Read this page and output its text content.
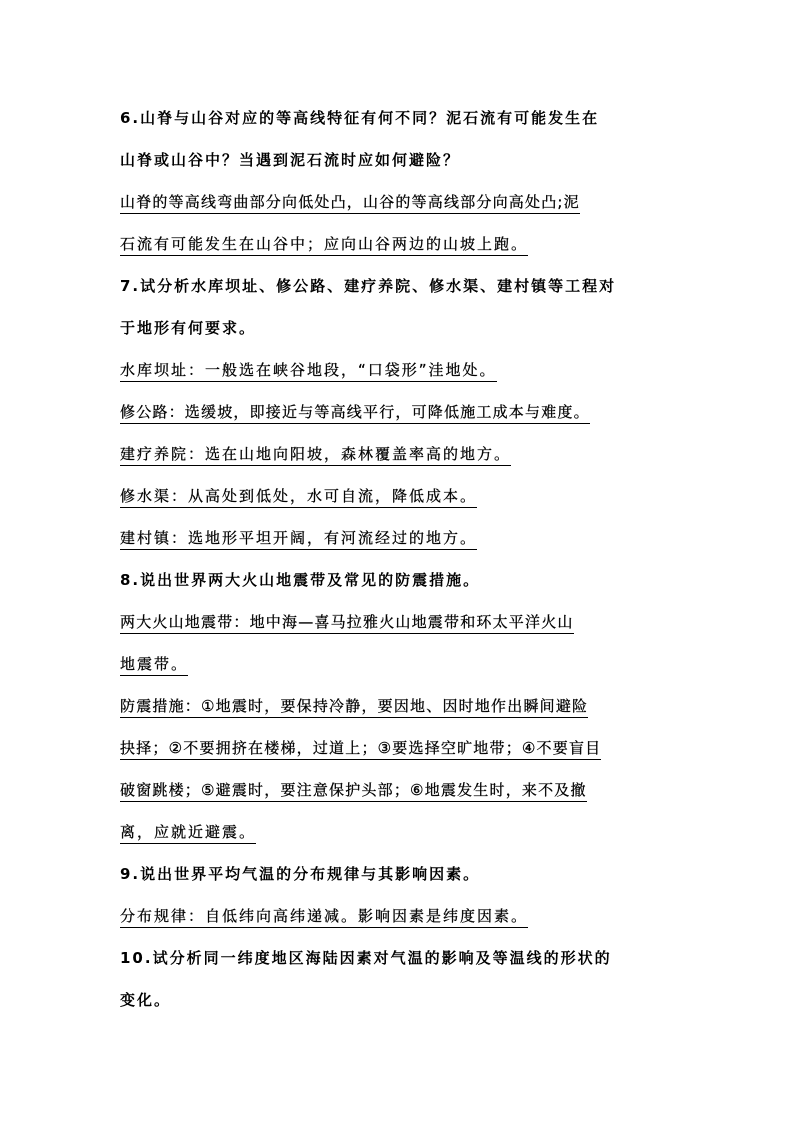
6.山脊与山谷对应的等高线特征有何不同？泥石流有可能发生在
山脊或山谷中？当遇到泥石流时应如何避险？
山脊的等高线弯曲部分向低处凸，山谷的等高线部分向高处凸;泥
石流有可能发生在山谷中；应向山谷两边的山坡上跑。
7.试分析水库坝址、修公路、建疗养院、修水渠、建村镇等工程对
于地形有何要求。
水库坝址：一般选在峡谷地段，“口袋形”洼地处。
修公路：选缓坡，即接近与等高线平行，可降低施工成本与难度。
建疗养院：选在山地向阳坡，森林覆盖率高的地方。
修水渠：从高处到低处，水可自流，降低成本。
建村镇：选地形平坦开阔，有河流经过的地方。
8.说出世界两大火山地震带及常见的防震措施。
两大火山地震带：地中海—喜马拉雅火山地震带和环太平洋火山
地震带。
防震措施：①地震时，要保持冷静，要因地、因时地作出瞬间避险
抉择；②不要拥挤在楼梯，过道上；③要选择空旷地带；④不要盲目
破窗跳楼；⑤避震时，要注意保护头部；⑥地震发生时，来不及撤
离，应就近避震。
9.说出世界平均气温的分布规律与其影响因素。
分布规律：自低纬向高纬递减。影响因素是纬度因素。
10.试分析同一纬度地区海陆因素对气温的影响及等温线的形状的
变化。
